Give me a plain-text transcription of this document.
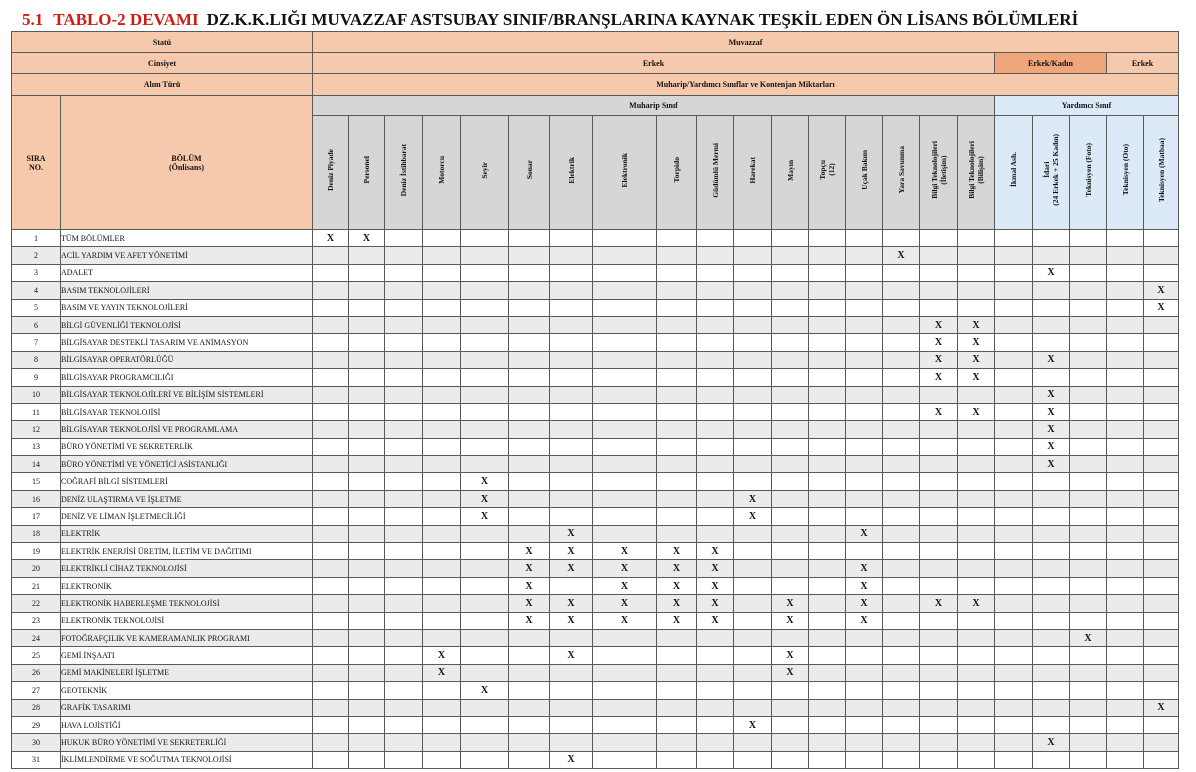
5.1 TABLO-2 DEVAMI DZ.K.K.LIĞI MUVAZZAF ASTSUBAY SINIF/BRANŞLARINA KAYNAK TEŞKİL EDEN ÖN LİSANS BÖLÜMLERİ
Statü		Muvazzaf																					
Cinsiyet		Erkek																	Erkek/Kadın			Erkek	
Alım Türü		Muharip/Yardımcı Sınıflar ve Kontenjan Miktarları																					
SIRA
NO.	BÖLÜM
(Önlisans)	Muharip Sınıf																	Yardımcı Sınıf				
		Deniz Piyade	Personel	Deniz İstihbarat	Motorcu	Seyir	Sonar	Elektrik	Elektronik	Torpido	Güdümlü Mermi	Harekat	Mayın	Topçu
(12)	Uçak Bakım	Yara Savunma	Bilgi Teknolojileri
(İletişim)	Bilgi Teknolojileri
(Bilişim)	İkmal Ash.	İdari
(24 Erkek + 25 Kadın)	Teknisyen (Foto)	Teknisyen (Oto)	Teknisyen (Matbaa)
1	TÜM BÖLÜMLER	X	X																				
2	ACİL YARDIM VE AFET YÖNETİMİ															X							
3	ADALET																			X			
4	BASIM TEKNOLOJİLERİ																						X
5	BASIM VE YAYIN TEKNOLOJİLERİ																						X
6	BİLGİ GÜVENLİĞİ TEKNOLOJİSİ																X	X					
7	BİLGİSAYAR DESTEKLİ TASARIM VE ANİMASYON																X	X					
8	BİLGİSAYAR OPERATÖRLÜĞÜ																X	X		X			
9	BİLGİSAYAR PROGRAMCILIĞI																X	X					
10	BİLGİSAYAR TEKNOLOJİLERİ VE BİLİŞİM SİSTEMLERİ																			X			
11	BİLGİSAYAR TEKNOLOJİSİ																X	X		X			
12	BİLGİSAYAR TEKNOLOJİSİ VE PROGRAMLAMA																			X			
13	BÜRO YÖNETİMİ VE SEKRETERLİK																			X			
14	BÜRO YÖNETİMİ VE YÖNETİCİ ASİSTANLIĞI																			X			
15	COĞRAFİ BİLGİ SİSTEMLERİ					X																	
16	DENİZ ULAŞTIRMA VE İŞLETME					X						X											
17	DENİZ VE LİMAN İŞLETMECİLİĞİ					X						X											
18	ELEKTRİK							X							X								
19	ELEKTRİK ENERJİSİ ÜRETİM, İLETİM VE DAĞITIMI						X	X	X	X	X												
20	ELEKTRİKLİ CİHAZ TEKNOLOJİSİ						X	X	X	X	X				X								
21	ELEKTRONİK						X		X	X	X				X								
22	ELEKTRONİK HABERLEŞME TEKNOLOJİSİ						X	X	X	X	X		X		X		X	X					
23	ELEKTRONİK TEKNOLOJİSİ						X	X	X	X	X		X		X								
24	FOTOĞRAFÇILIK VE KAMERAMANLIK PROGRAMI																				X		
25	GEMİ İNŞAATI				X			X					X										
26	GEMİ MAKİNELERİ İŞLETME				X								X										
27	GEOTEKNİK					X																	
28	GRAFİK TASARIMI																						X
29	HAVA LOJİSTİĞİ											X											
30	HUKUK BÜRO YÖNETİMİ VE SEKRETERLİĞİ																			X			
31	İKLİMLENDİRME VE SOĞUTMA TEKNOLOJİSİ							X															
